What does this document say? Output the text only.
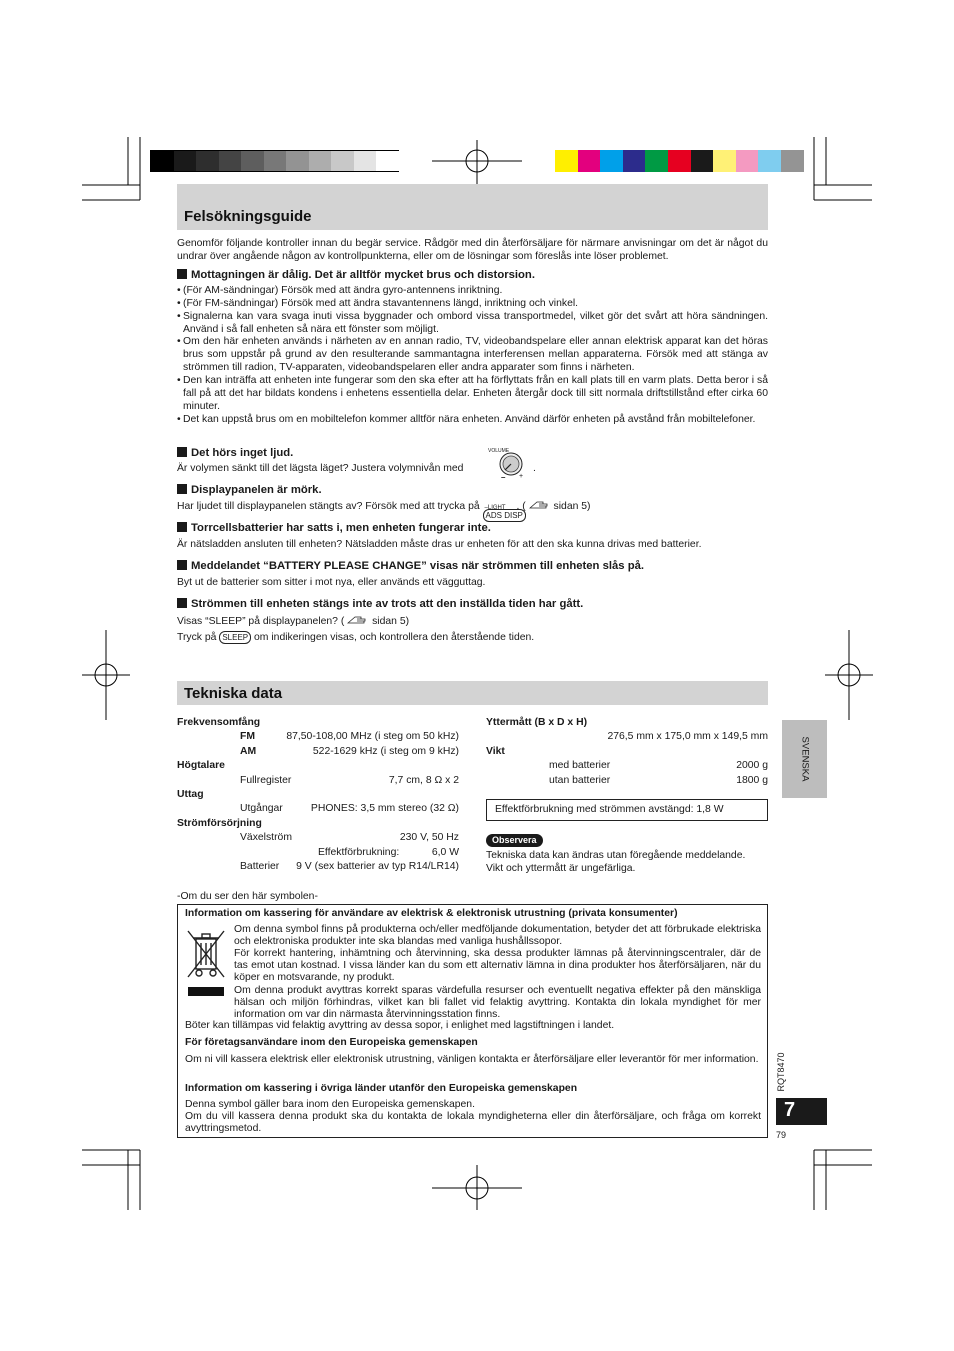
Felsökningsguide
Genomför följande kontroller innan du begär service. Rådgör med din återförsäljare för närmare anvisningar om det är något du undrar över angående någon av kontrollpunkterna, eller om de lösningar som föreslås inte löser problemet.
Mottagningen är dålig. Det är alltför mycket brus och distorsion.
• (För AM-sändningar) Försök med att ändra gyro-antennens inriktning.
• (För FM-sändningar) Försök med att ändra stavantennens längd, inriktning och vinkel.
• Signalerna kan vara svaga inuti vissa byggnader och ombord vissa transportmedel, vilket gör det svårt att höra sändningen. Använd i så fall enheten så nära ett fönster som möjligt.
• Om den här enheten används i närheten av en annan radio, TV, videobandspelare eller annan elektrisk apparat kan det höras brus som uppstår på grund av den resulterande sammantagna interferensen mellan apparaterna. Försök med att stänga av strömmen till radion, TV-apparaten, videobandspelaren eller andra apparater som finns i närheten.
• Den kan inträffa att enheten inte fungerar som den ska efter att ha förflyttats från en kall plats till en varm plats. Detta beror i så fall på att det har bildats kondens i enhetens essentiella delar. Enheten återgår dock till sitt normala driftstillstånd efter cirka 60 minuter.
• Det kan uppstå brus om en mobiltelefon kommer alltför nära enheten. Använd därför enheten på avstånd från mobiltelefoner.
Det hörs inget ljud.
Är volymen sänkt till det lägsta läget? Justera volymnivån med
VOLUME
– +
.
Displaypanelen är mörk.
Har ljudet till displaypanelen stängts av? Försök med att trycka på –LIGHT
ADS DISP
. (	sidan 5)
Torrcellsbatterier har satts i, men enheten fungerar inte.
Är nätsladden ansluten till enheten? Nätsladden måste dras ur enheten för att den ska kunna drivas med batterier.
Meddelandet “BATTERY PLEASE CHANGE” visas när strömmen till enheten slås på.
Byt ut de batterier som sitter i mot nya, eller används ett vägguttag.
Strömmen till enheten stängs inte av trots att den inställda tiden har gått.
Visas “SLEEP” på displaypanelen? (	sidan 5)
Tryck på SLEEP om indikeringen visas, och kontrollera den återstående tiden.
Tekniska data
Frekvensomfång
FM	87,50-108,00 MHz (i steg om 50 kHz)
AM	522-1629 kHz (i steg om 9 kHz)
Högtalare
Fullregister	7,7 cm, 8 Ω x 2
Uttag
Utgångar	PHONES: 3,5 mm stereo (32 Ω)
Strömförsörjning
Växelström	230 V, 50 Hz
Effektförbrukning:	6,0 W
Batterier 9 V (sex batterier av typ R14/LR14)
Yttermått (B x D x H)
276,5 mm x 175,0 mm x 149,5 mm
Vikt
med batterier	2000 g
utan batterier	1800 g
Effektförbrukning med strömmen avstängd: 1,8 W
Observera
Tekniska data kan ändras utan föregående meddelande.
Vikt och yttermått är ungefärliga.
-Om du ser den här symbolen-
Information om kassering för användare av elektrisk & elektronisk utrustning (privata konsumenter)
Om denna symbol finns på produkterna och/eller medföljande dokumentation, betyder det att förbrukade elektriska och elektroniska produkter inte ska blandas med vanliga hushållssopor.
För korrekt hantering, inhämtning och återvinning, ska dessa produkter lämnas på återvinningscentraler, där de tas emot utan kostnad. I vissa länder kan du som ett alternativ lämna in dina produkter hos återförsäljaren, när du köper en motsvarande, ny produkt.
Om denna produkt avyttras korrekt sparas värdefulla resurser och eventuellt negativa effekter på den mänskliga hälsan och miljön förhindras, vilket kan bli fallet vid felaktig avyttring. Kontakta din lokala myndighet för mer information om var din närmasta återvinningsstation finns.
Böter kan tillämpas vid felaktig avyttring av dessa sopor, i enlighet med lagstiftningen i landet.
För företagsanvändare inom den Europeiska gemenskapen
Om ni vill kassera elektrisk eller elektronisk utrustning, vänligen kontakta er återförsäljare eller leverantör för mer information.
Information om kassering i övriga länder utanför den Europeiska gemenskapen
Denna symbol gäller bara inom den Europeiska gemenskapen.
Om du vill kassera denna produkt ska du kontakta de lokala myndigheterna eller din återförsäljare, och fråga om korrekt avyttringsmetod.
SVENSKA
RQT8470
7
79
